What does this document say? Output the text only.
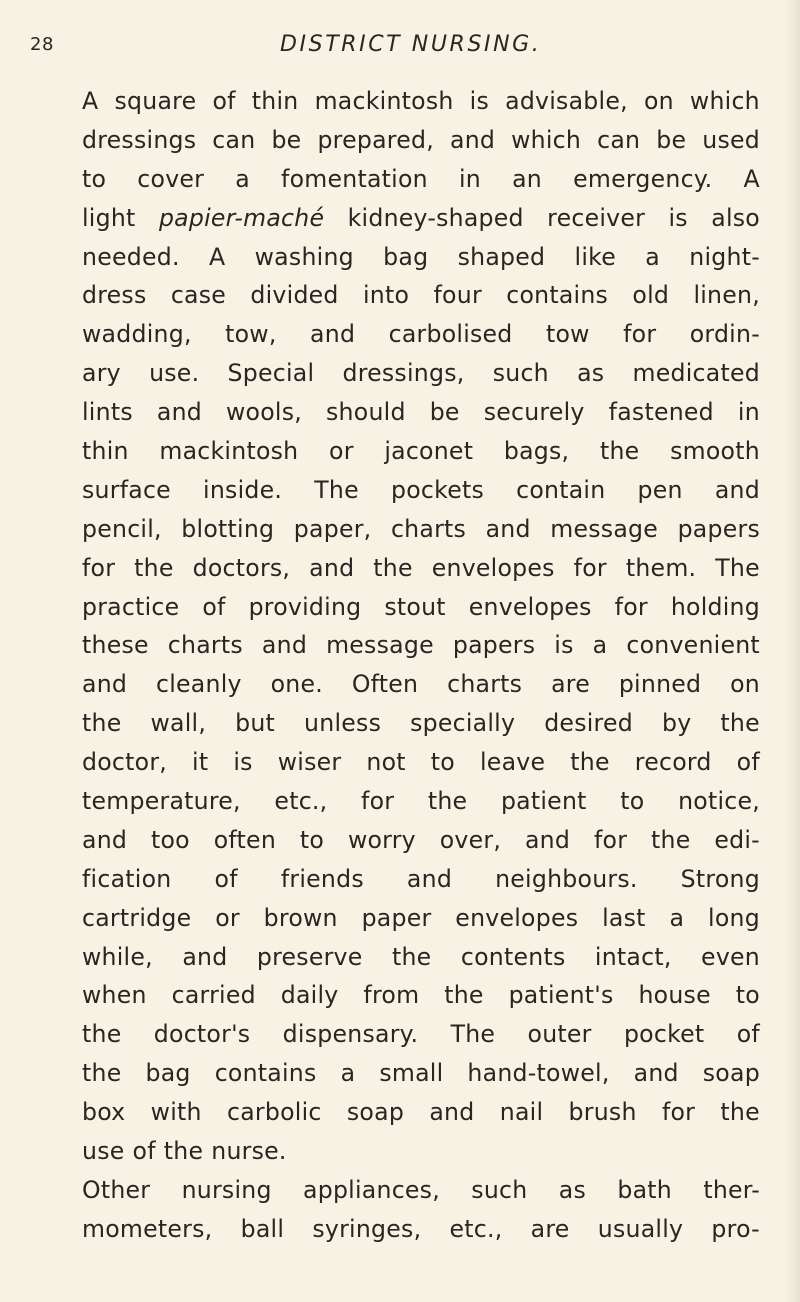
28	DISTRICT NURSING.
A square of thin mackintosh is advisable, on which
dressings can be prepared, and which can be used
to cover a fomentation in an emergency. A
light papier-maché kidney-shaped receiver is also
needed. A washing bag shaped like a night-
dress case divided into four contains old linen,
wadding, tow, and carbolised tow for ordin-
ary use. Special dressings, such as medicated
lints and wools, should be securely fastened in
thin mackintosh or jaconet bags, the smooth
surface inside. The pockets contain pen and
pencil, blotting paper, charts and message papers
for the doctors, and the envelopes for them. The
practice of providing stout envelopes for holding
these charts and message papers is a convenient
and cleanly one. Often charts are pinned on
the wall, but unless specially desired by the
doctor, it is wiser not to leave the record of
temperature, etc., for the patient to notice,
and too often to worry over, and for the edi-
fication of friends and neighbours. Strong
cartridge or brown paper envelopes last a long
while, and preserve the contents intact, even
when carried daily from the patient's house to
the doctor's dispensary. The outer pocket of
the bag contains a small hand-towel, and soap
box with carbolic soap and nail brush for the
use of the nurse.
Other nursing appliances, such as bath ther-
mometers, ball syringes, etc., are usually pro-
